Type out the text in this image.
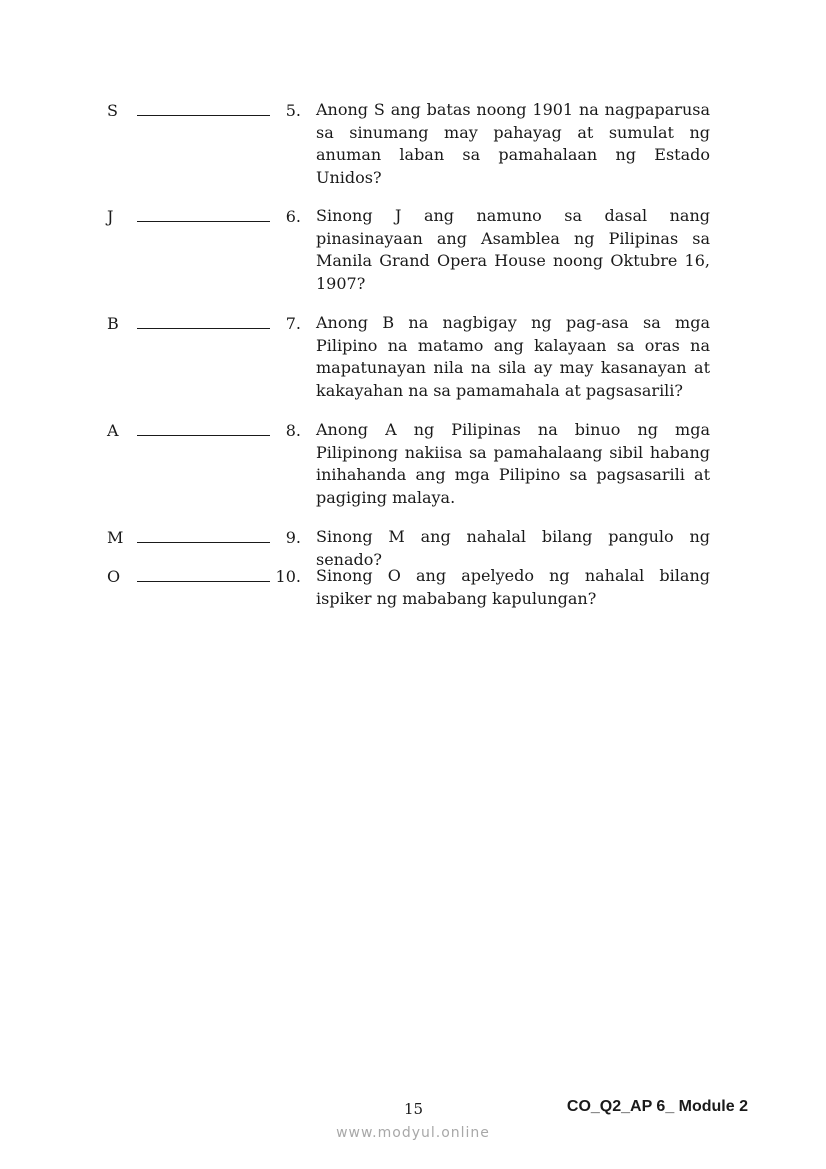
S	5. Anong S ang batas noong 1901 na nagpaparusa sa sinumang may pahayag at sumulat ng anuman laban sa pamahalaan ng Estado Unidos?
J	6. Sinong J ang namuno sa dasal nang pinasinayaan ang Asamblea ng Pilipinas sa Manila Grand Opera House noong Oktubre 16, 1907?
B	7. Anong B na nagbigay ng pag-asa sa mga Pilipino na matamo ang kalayaan sa oras na mapatunayan nila na sila ay may kasanayan at kakayahan na sa pamamahala at pagsasarili?
A	8. Anong A ng Pilipinas na binuo ng mga Pilipinong nakiisa sa pamahalaang sibil habang inihahanda ang mga Pilipino sa pagsasarili at pagiging malaya.
M	9. Sinong M ang nahalal bilang pangulo ng senado?
O	10. Sinong O ang apelyedo ng nahalal bilang ispiker ng mababang kapulungan?
15	CO_Q2_AP 6_ Module 2
www.modyul.online
